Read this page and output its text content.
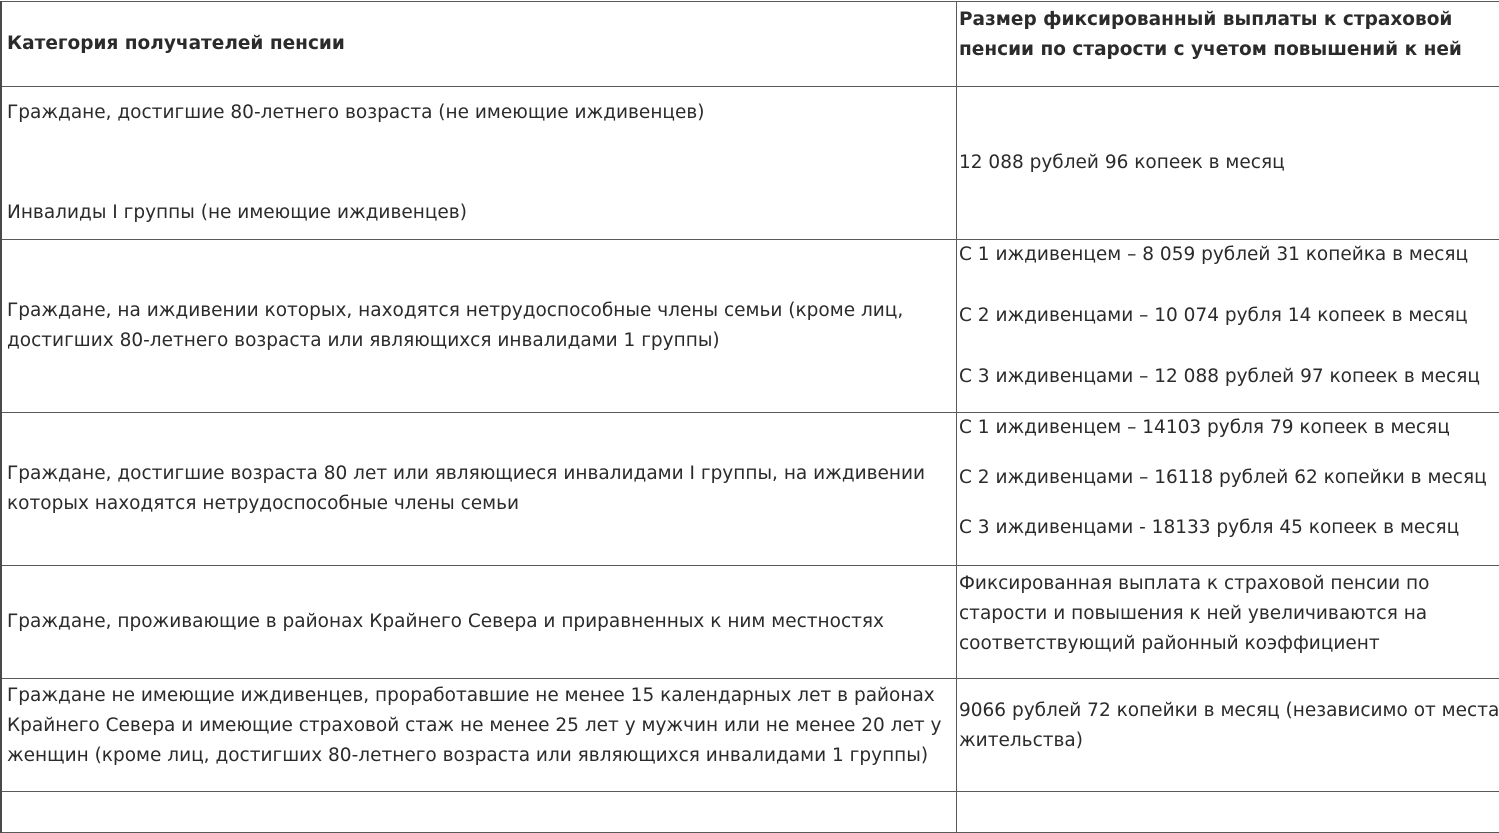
Категория получателей пенсии	Размер фиксированный выплаты к страховой пенсии по старости с учетом повышений к ней

Граждане, достигшие 80-летнего возраста (не имеющие иждивенцев)
Инвалиды I группы (не имеющие иждивенцев)	12 088 рублей 96 копеек в месяц

Граждане, на иждивении которых, находятся нетрудоспособные члены семьи (кроме лиц, достигших 80-летнего возраста или являющихся инвалидами 1 группы)	С 1 иждивенцем – 8 059 рублей 31 копейка в месяц
С 2 иждивенцами – 10 074 рубля 14 копеек в месяц
С 3 иждивенцами – 12 088 рублей 97 копеек в месяц

Граждане, достигшие возраста 80 лет или являющиеся инвалидами I группы, на иждивении которых находятся нетрудоспособные члены семьи	С 1 иждивенцем – 14103 рубля 79 копеек в месяц
С 2 иждивенцами – 16118 рублей 62 копейки в месяц
С 3 иждивенцами - 18133 рубля 45 копеек в месяц

Граждане, проживающие в районах Крайнего Севера и приравненных к ним местностях	Фиксированная выплата к страховой пенсии по старости и повышения к ней увеличиваются на соответствующий районный коэффициент

Граждане не имеющие иждивенцев, проработавшие не менее 15 календарных лет в районах Крайнего Севера и имеющие страховой стаж не менее 25 лет у мужчин или не менее 20 лет у женщин (кроме лиц, достигших 80-летнего возраста или являющихся инвалидами 1 группы)	9066 рублей 72 копейки в месяц (независимо от места жительства)
